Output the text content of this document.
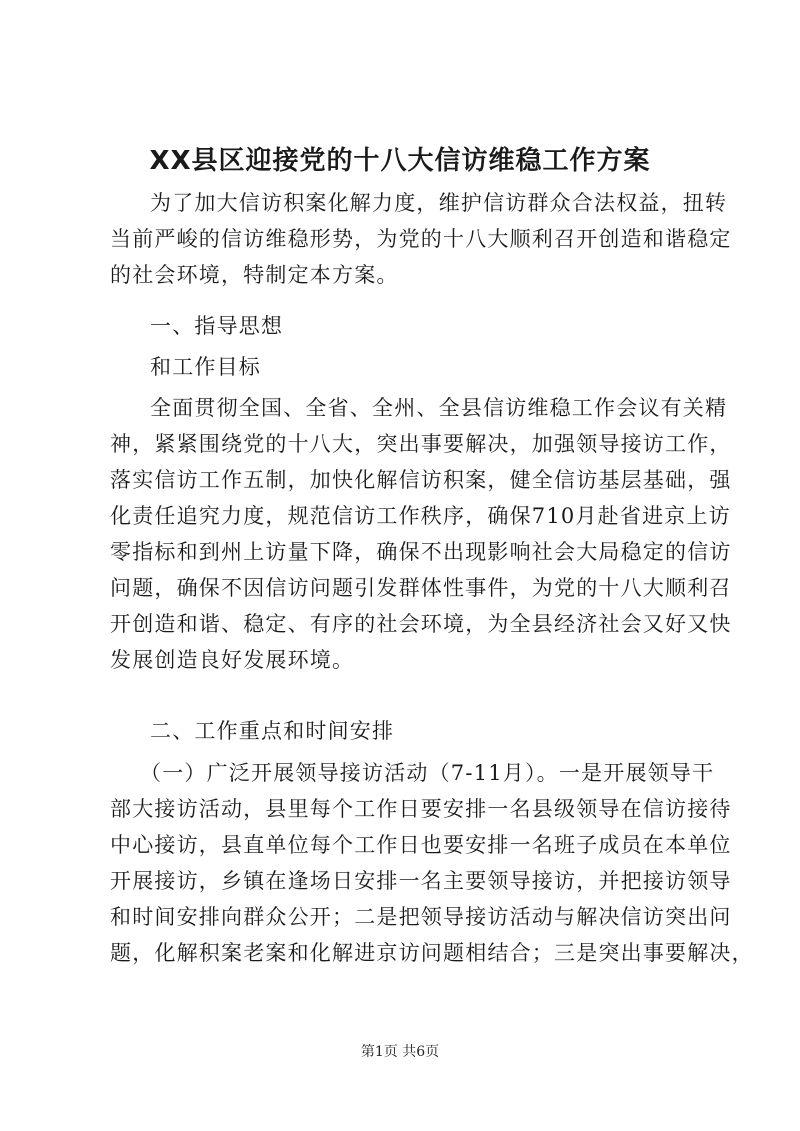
XX县区迎接党的十八大信访维稳工作方案
为了加大信访积案化解力度，维护信访群众合法权益，扭转
当前严峻的信访维稳形势，为党的十八大顺利召开创造和谐稳定
的社会环境，特制定本方案。
一、指导思想
和工作目标
全面贯彻全国、全省、全州、全县信访维稳工作会议有关精
神，紧紧围绕党的十八大，突出事要解决，加强领导接访工作，
落实信访工作五制，加快化解信访积案，健全信访基层基础，强
化责任追究力度，规范信访工作秩序，确保710月赴省进京上访
零指标和到州上访量下降，确保不出现影响社会大局稳定的信访
问题，确保不因信访问题引发群体性事件，为党的十八大顺利召
开创造和谐、稳定、有序的社会环境，为全县经济社会又好又快
发展创造良好发展环境。
二、工作重点和时间安排
（一）广泛开展领导接访活动（7-11月）。一是开展领导干
部大接访活动，县里每个工作日要安排一名县级领导在信访接待
中心接访，县直单位每个工作日也要安排一名班子成员在本单位
开展接访，乡镇在逢场日安排一名主要领导接访，并把接访领导
和时间安排向群众公开；二是把领导接访活动与解决信访突出问
题，化解积案老案和化解进京访问题相结合；三是突出事要解决，
第1页 共6页
